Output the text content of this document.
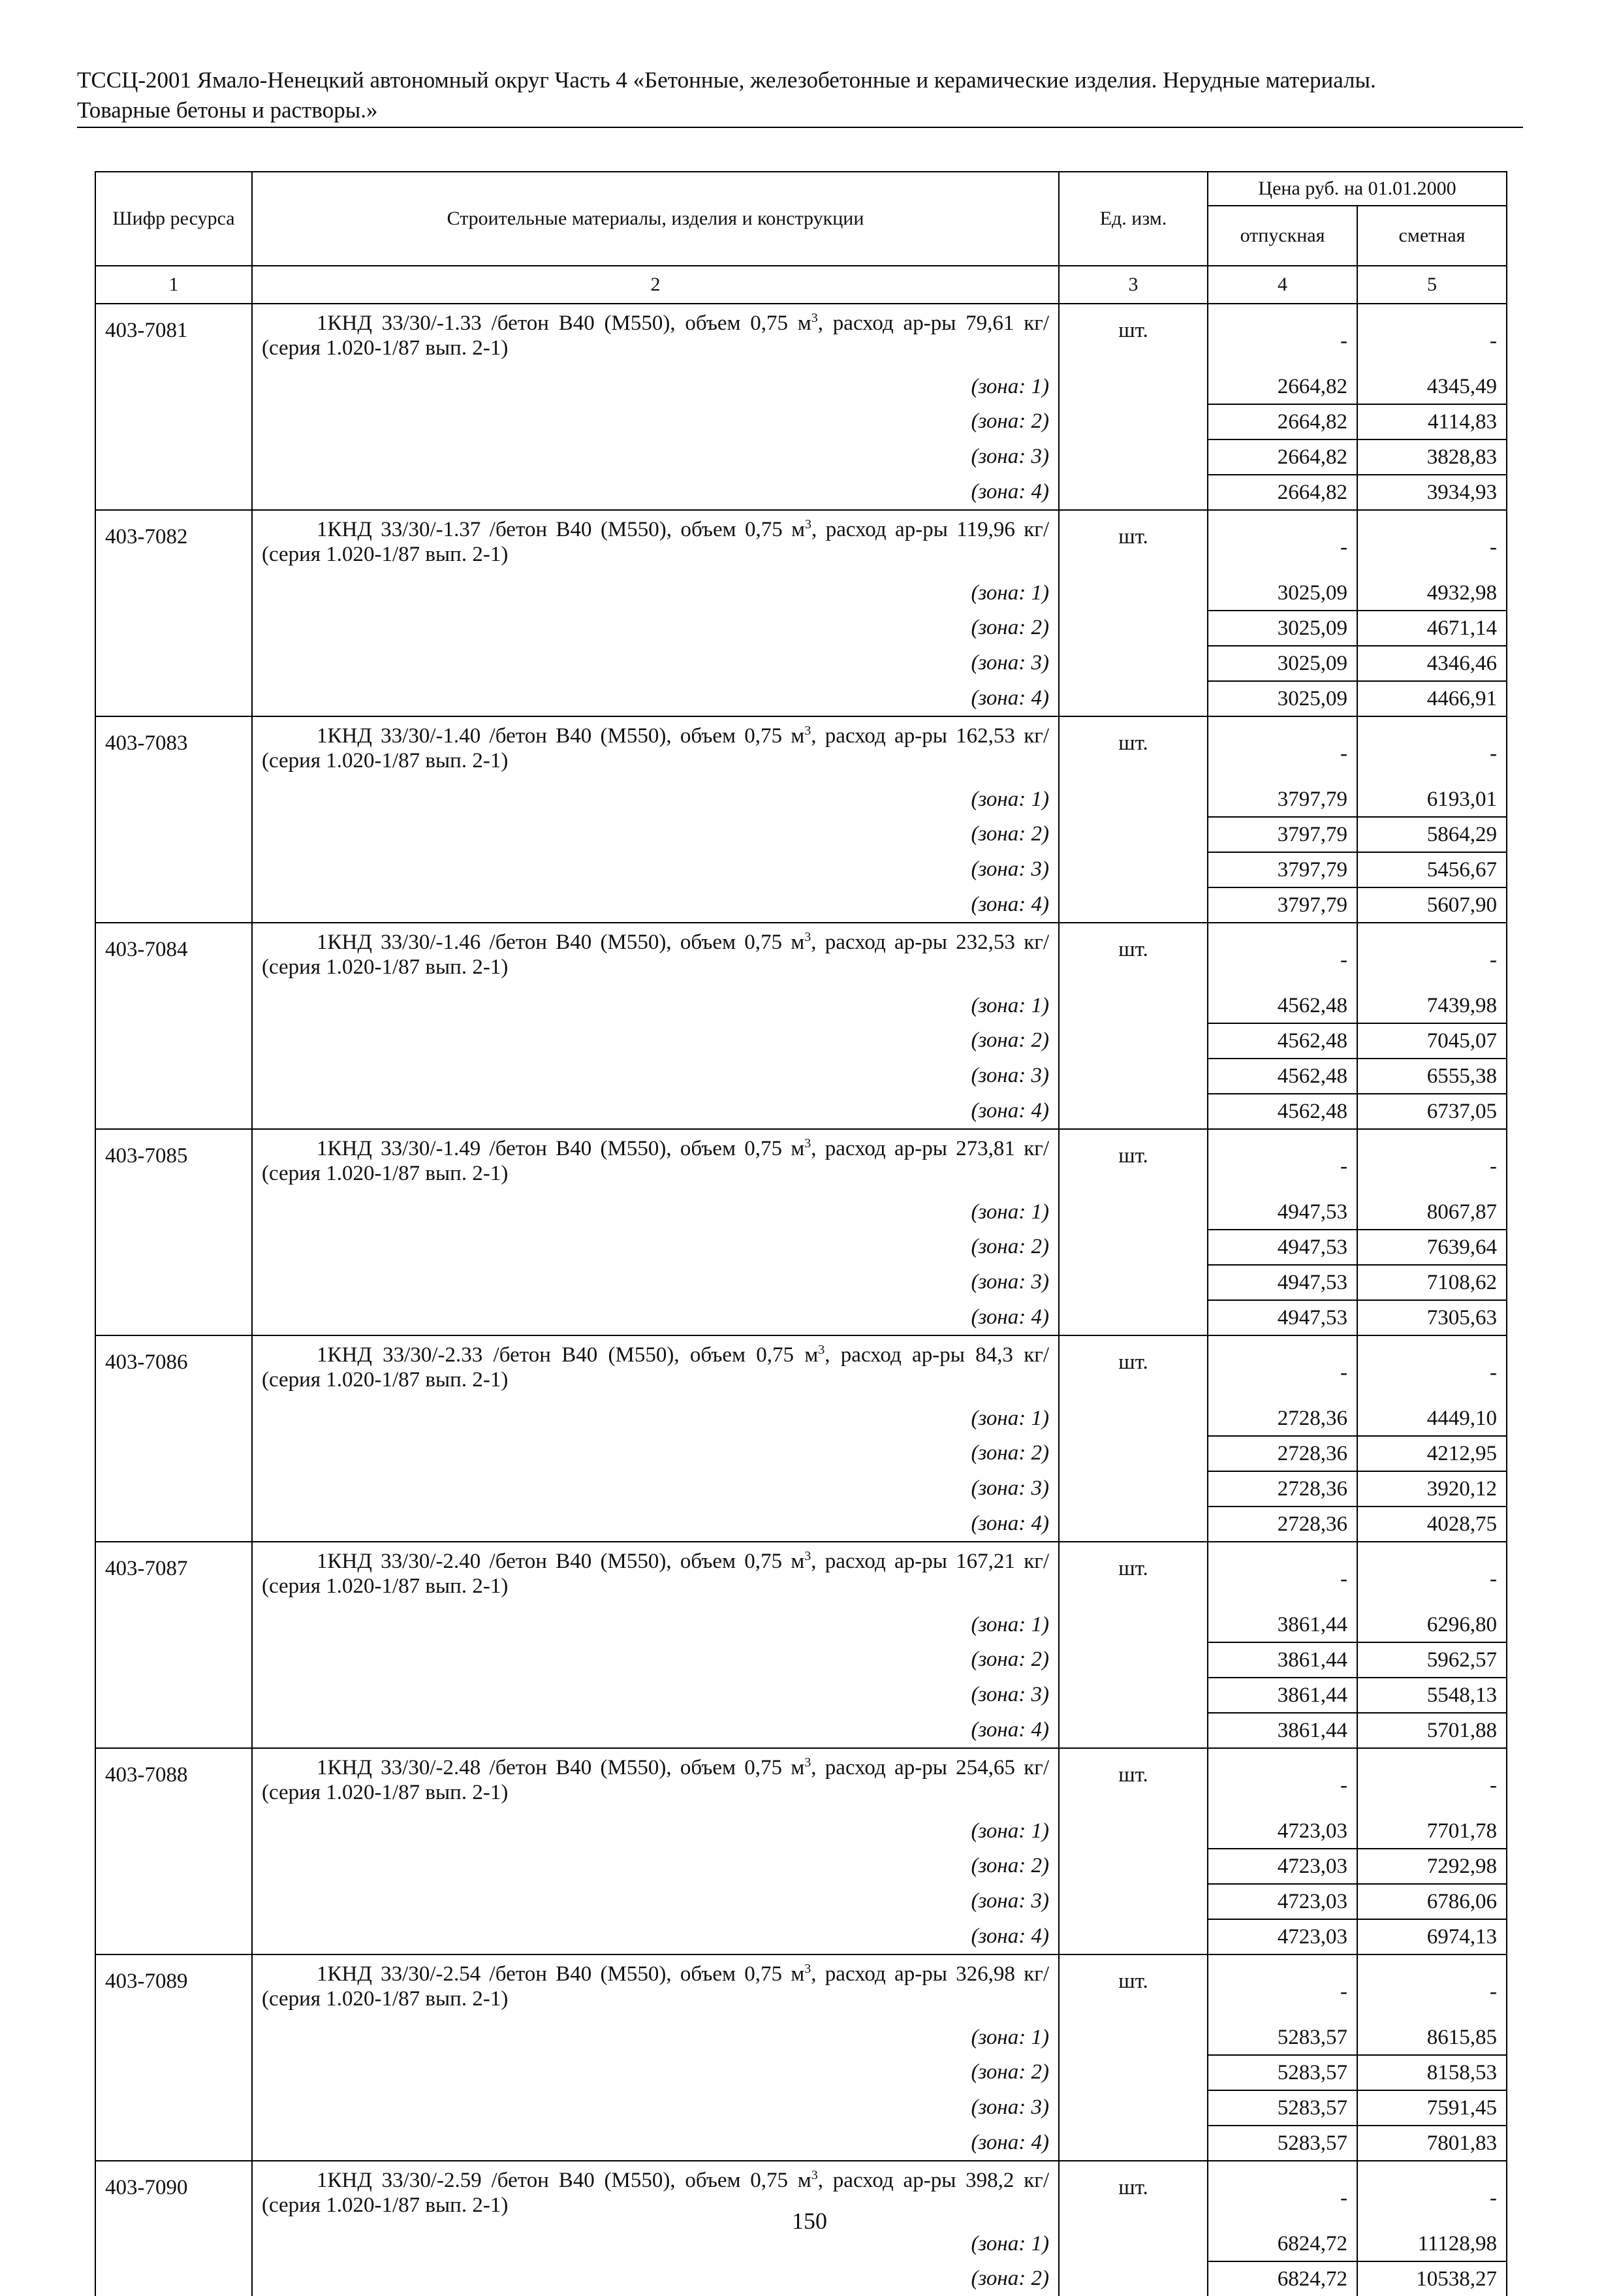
ТССЦ-2001 Ямало-Ненецкий автономный округ Часть 4 «Бетонные, железобетонные и керамические изделия. Нерудные материалы.
Товарные бетоны и растворы.»
Шифр ресурса	Строительные материалы, изделия и конструкции	Ед. изм.	Цена руб. на 01.01.2000	
			отпускная	сметная
1	2	3	4	5
403-7081	1КНД 33/30/-1.33 /бетон В40 (М550), объем 0,75 $м^3$, расход ар-ры 79,61 кг/ (серия 1.020-1/87 вып. 2-1)	шт.	-	-
	(зона: 1)		2664,82	4345,49
	(зона: 2)		2664,82	4114,83
	(зона: 3)		2664,82	3828,83
	(зона: 4)		2664,82	3934,93
403-7082	1КНД 33/30/-1.37 /бетон В40 (М550), объем 0,75 $м^3$, расход ар-ры 119,96 кг/ (серия 1.020-1/87 вып. 2-1)	шт.	-	-
	(зона: 1)		3025,09	4932,98
	(зона: 2)		3025,09	4671,14
	(зона: 3)		3025,09	4346,46
	(зона: 4)		3025,09	4466,91
403-7083	1КНД 33/30/-1.40 /бетон В40 (М550), объем 0,75 $м^3$, расход ар-ры 162,53 кг/ (серия 1.020-1/87 вып. 2-1)	шт.	-	-
	(зона: 1)		3797,79	6193,01
	(зона: 2)		3797,79	5864,29
	(зона: 3)		3797,79	5456,67
	(зона: 4)		3797,79	5607,90
403-7084	1КНД 33/30/-1.46 /бетон В40 (М550), объем 0,75 $м^3$, расход ар-ры 232,53 кг/ (серия 1.020-1/87 вып. 2-1)	шт.	-	-
	(зона: 1)		4562,48	7439,98
	(зона: 2)		4562,48	7045,07
	(зона: 3)		4562,48	6555,38
	(зона: 4)		4562,48	6737,05
403-7085	1КНД 33/30/-1.49 /бетон В40 (М550), объем 0,75 $м^3$, расход ар-ры 273,81 кг/ (серия 1.020-1/87 вып. 2-1)	шт.	-	-
	(зона: 1)		4947,53	8067,87
	(зона: 2)		4947,53	7639,64
	(зона: 3)		4947,53	7108,62
	(зона: 4)		4947,53	7305,63
403-7086	1КНД 33/30/-2.33 /бетон В40 (М550), объем 0,75 $м^3$, расход ар-ры 84,3 кг/ (серия 1.020-1/87 вып. 2-1)	шт.	-	-
	(зона: 1)		2728,36	4449,10
	(зона: 2)		2728,36	4212,95
	(зона: 3)		2728,36	3920,12
	(зона: 4)		2728,36	4028,75
403-7087	1КНД 33/30/-2.40 /бетон В40 (М550), объем 0,75 $м^3$, расход ар-ры 167,21 кг/ (серия 1.020-1/87 вып. 2-1)	шт.	-	-
	(зона: 1)		3861,44	6296,80
	(зона: 2)		3861,44	5962,57
	(зона: 3)		3861,44	5548,13
	(зона: 4)		3861,44	5701,88
403-7088	1КНД 33/30/-2.48 /бетон В40 (М550), объем 0,75 $м^3$, расход ар-ры 254,65 кг/ (серия 1.020-1/87 вып. 2-1)	шт.	-	-
	(зона: 1)		4723,03	7701,78
	(зона: 2)		4723,03	7292,98
	(зона: 3)		4723,03	6786,06
	(зона: 4)		4723,03	6974,13
403-7089	1КНД 33/30/-2.54 /бетон В40 (М550), объем 0,75 $м^3$, расход ар-ры 326,98 кг/ (серия 1.020-1/87 вып. 2-1)	шт.	-	-
	(зона: 1)		5283,57	8615,85
	(зона: 2)		5283,57	8158,53
	(зона: 3)		5283,57	7591,45
	(зона: 4)		5283,57	7801,83
403-7090	1КНД 33/30/-2.59 /бетон В40 (М550), объем 0,75 $м^3$, расход ар-ры 398,2 кг/ (серия 1.020-1/87 вып. 2-1)	шт.	-	-
	(зона: 1)		6824,72	11128,98
	(зона: 2)		6824,72	10538,27
150
